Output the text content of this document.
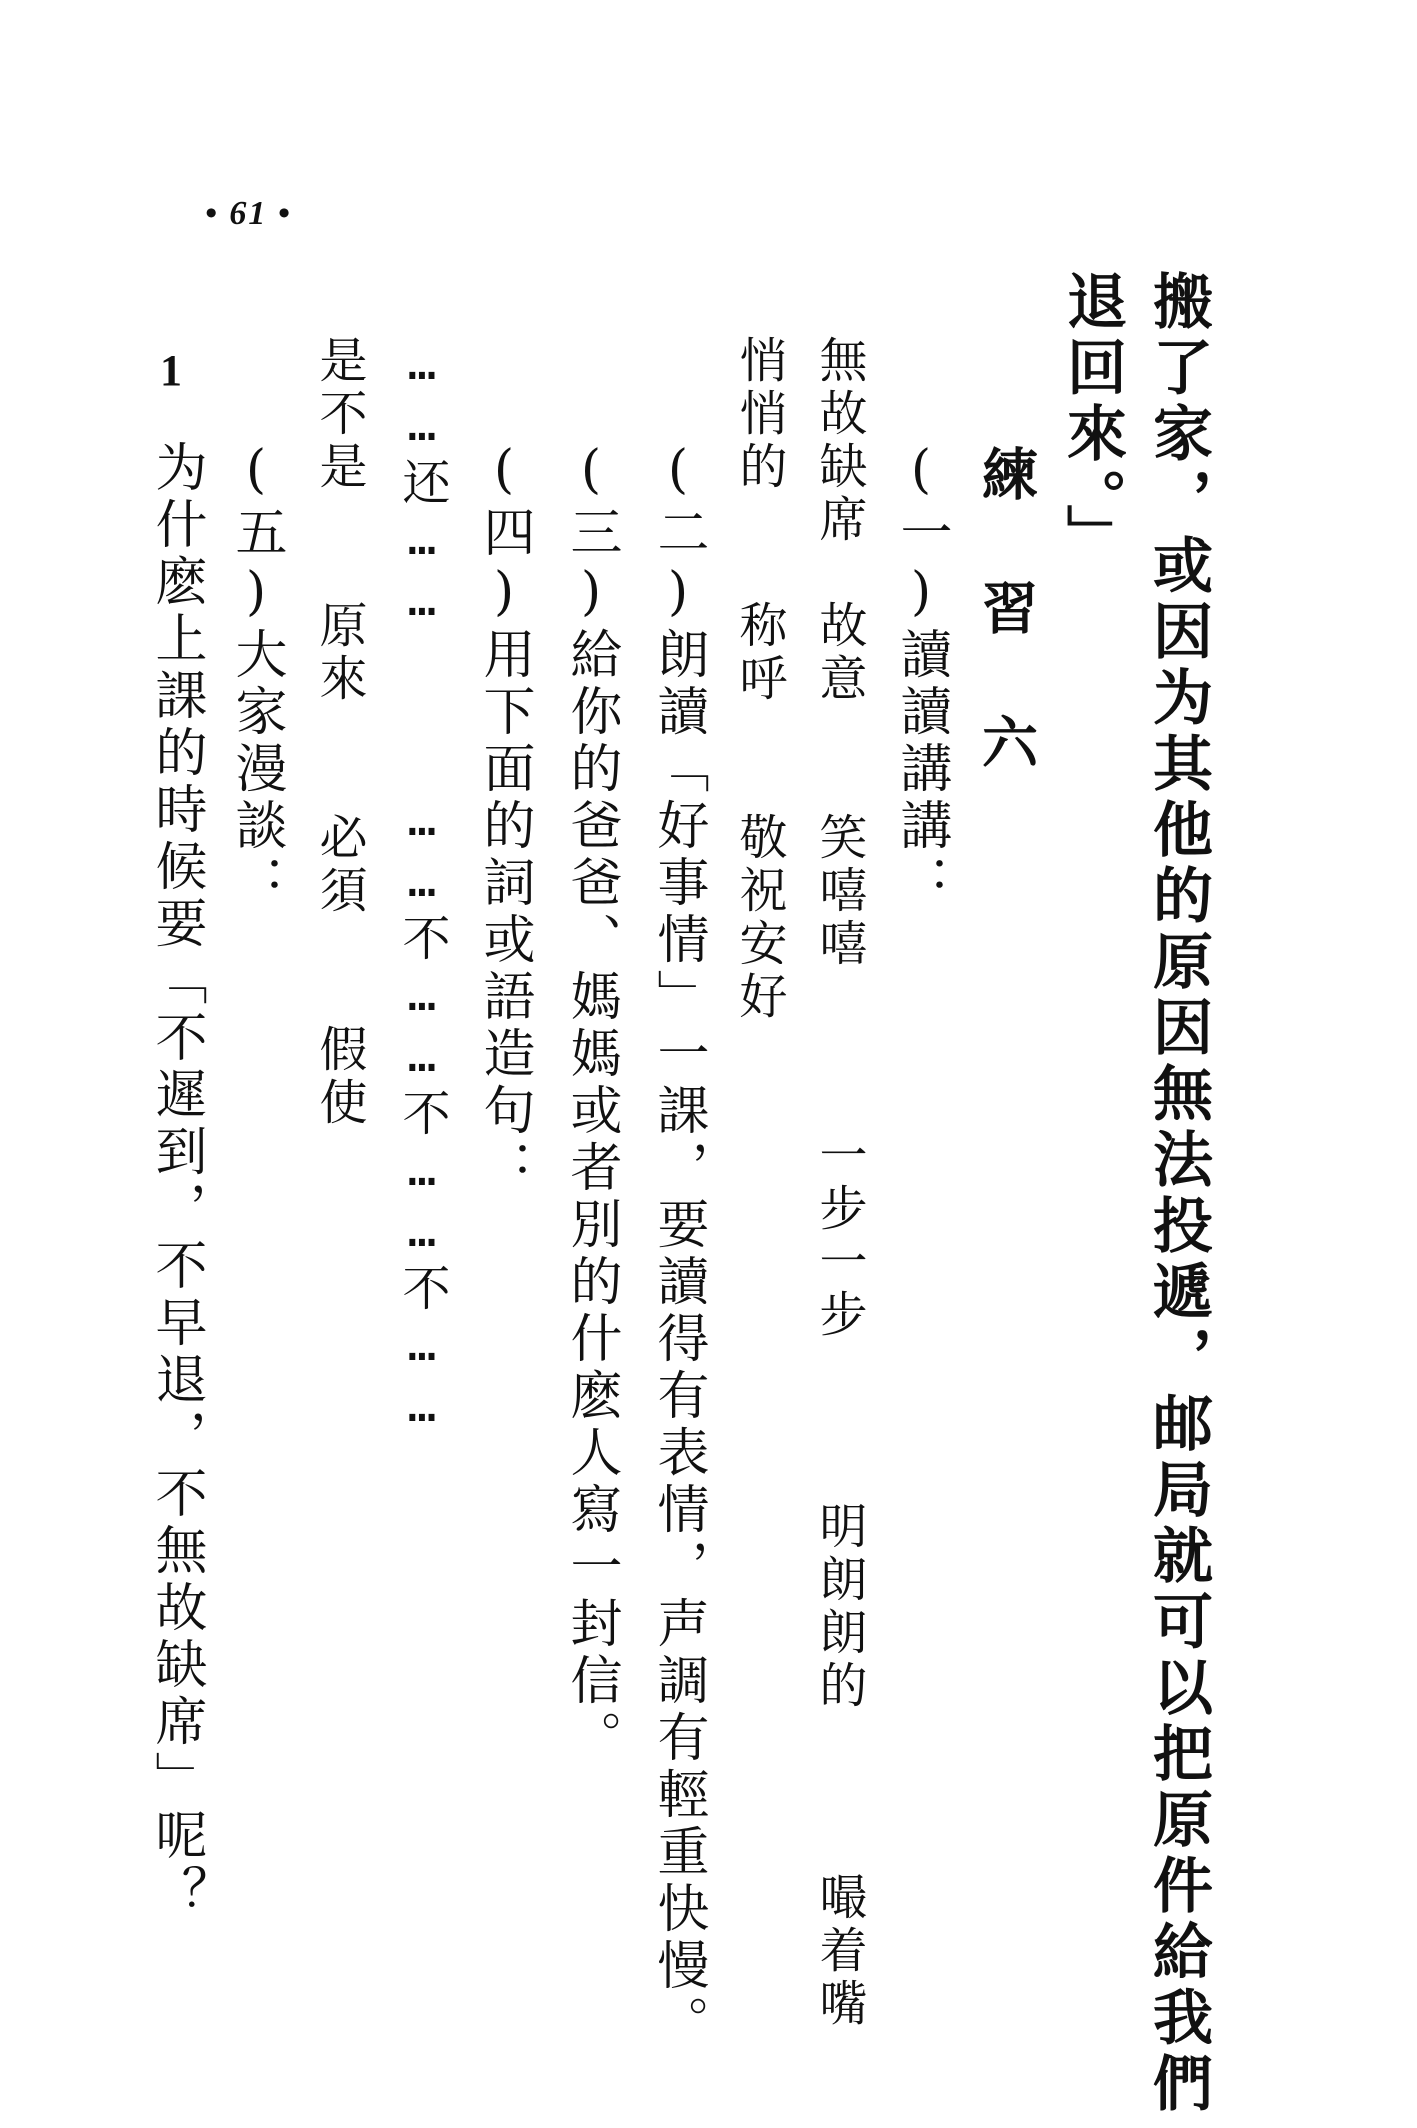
• 61 •
搬了家，或因为其他的原因無法投遞，邮局就可以把原件給我們
退回來。」
練 習 六
(一)讀讀講講：
無故缺席　故意　　笑嘻嘻　　　一步一步　　　明朗朗的　　　嘬着嘴
悄悄的　　称呼　　敬祝安好
(二)朗讀「好事情」一課，要讀得有表情，声調有輕重快慢。
(三)給你的爸爸、媽媽或者別的什麽人寫一封信。
(四)用下面的詞或語造句：
……还……　　　……不……不……不……
是不是　　原來　　必須　　假使
(五)大家漫談：
1
为什麽上課的時候要「不遲到，不早退，不無故缺席」呢？
